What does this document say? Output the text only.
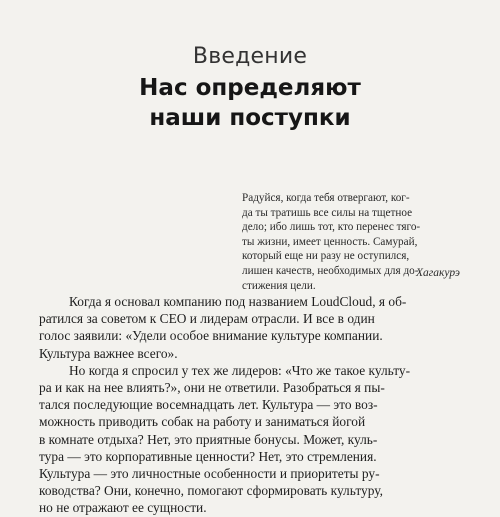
Введение
Нас определяют
наши поступки
Радуйся, когда тебя отвергают, ког-
да ты тратишь все силы на тщетное
дело; ибо лишь тот, кто перенес тяго-
ты жизни, имеет ценность. Самурай,
который еще ни разу не оступился,
лишен качеств, необходимых для до-
стижения цели.
Хагакурэ
Когда я основал компанию под названием LoudCloud, я об-
ратился за советом к CEO и лидерам отрасли. И все в один
голос заявили: «Удели особое внимание культуре компании.
Культура важнее всего».
Но когда я спросил у тех же лидеров: «Что же такое культу-
ра и как на нее влиять?», они не ответили. Разобраться я пы-
тался последующие восемнадцать лет. Культура — это воз-
можность приводить собак на работу и заниматься йогой
в комнате отдыха? Нет, это приятные бонусы. Может, куль-
тура — это корпоративные ценности? Нет, это стремления.
Культура — это личностные особенности и приоритеты ру-
ководства? Они, конечно, помогают сформировать культуру,
но не отражают ее сущности.
